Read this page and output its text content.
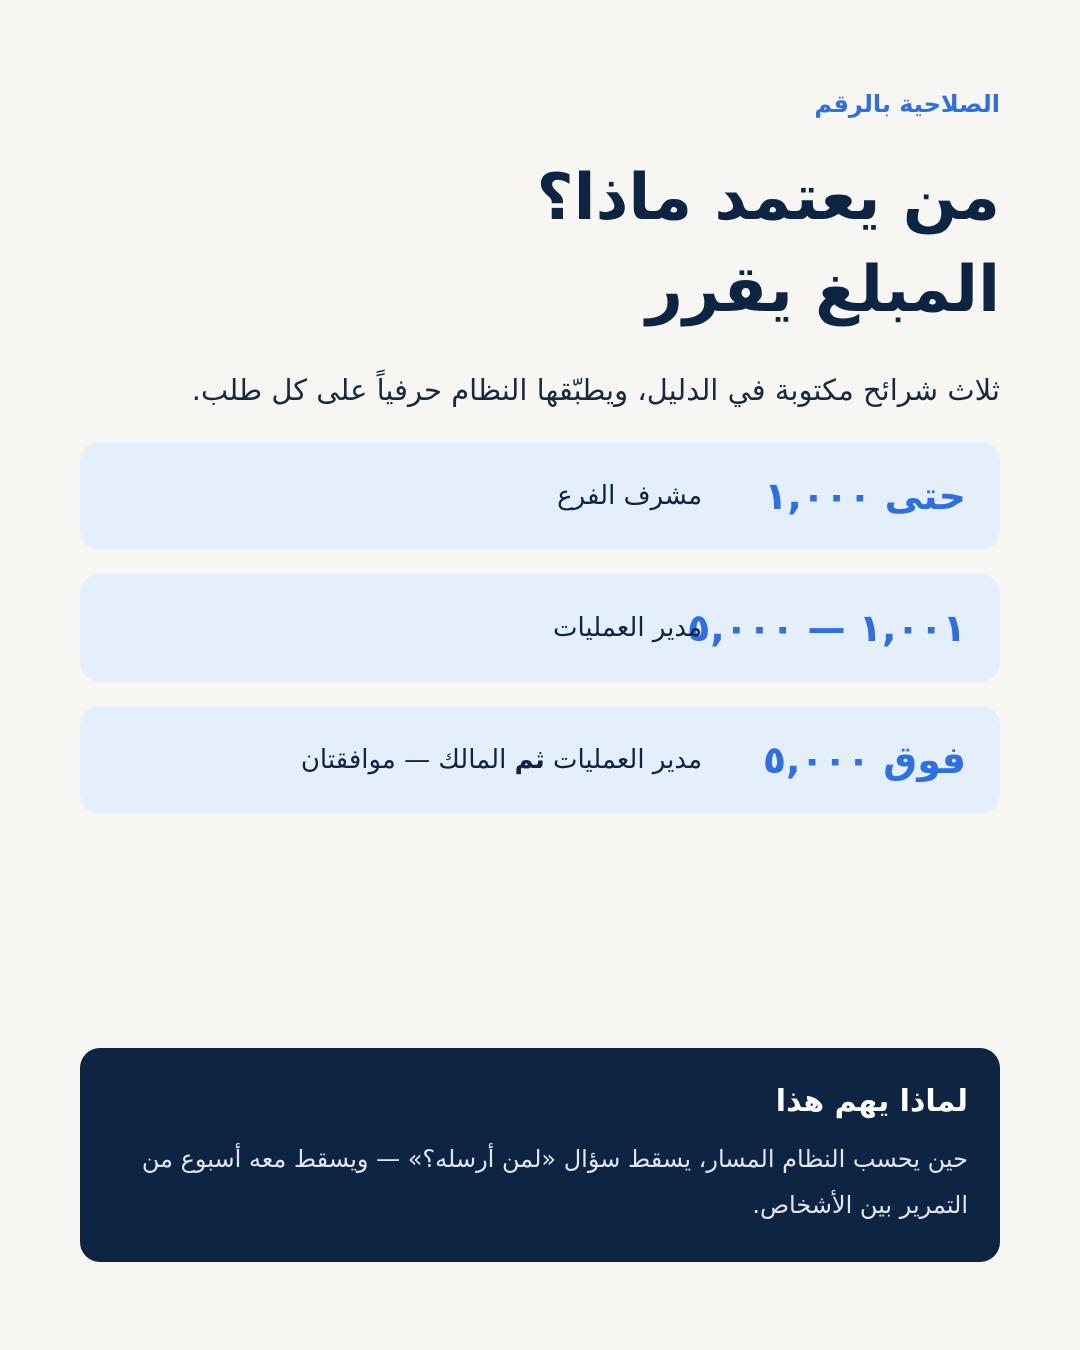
الصلاحية بالرقم
من يعتمد ماذا؟
المبلغ يقرر

ثلاث شرائح مكتوبة في الدليل، ويطبّقها النظام حرفياً على كل طلب.

حتى ١,٠٠٠
مشرف الفرع
١,٠٠١ — ٥,٠٠٠
مدير العمليات
فوق ٥,٠٠٠
مدير العمليات ثم المالك — موافقتان
لماذا يهم هذا
حين يحسب النظام المسار، يسقط سؤال «لمن أرسله؟» — ويسقط معه أسبوع من
التمرير بين الأشخاص.
